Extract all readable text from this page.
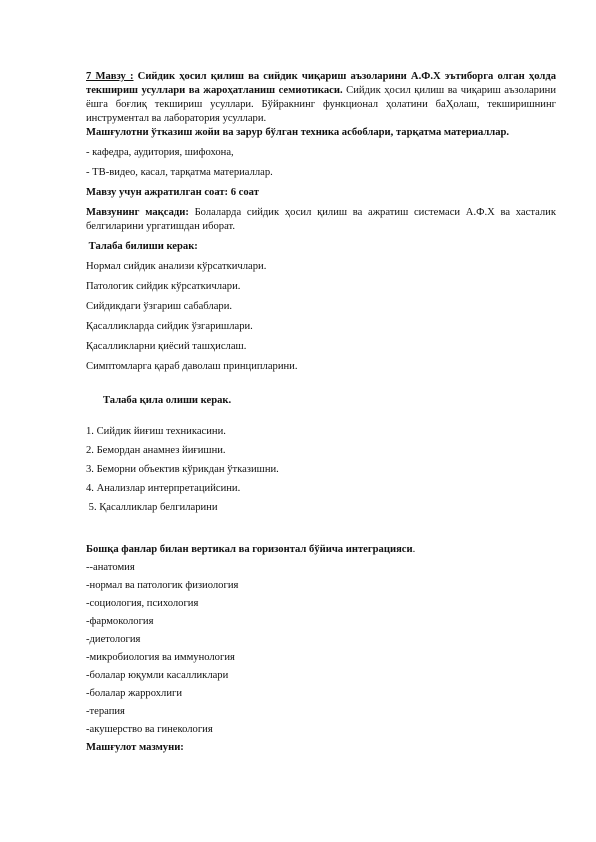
7 Мавзу : Сийдик ҳосил қилиш ва сийдик чиқариш аъзоларини А.Ф.Х эътиборга олган ҳолда текшириш усуллари ва жароҳатланиш семиотикаси. Сийдик ҳосил қилиш ва чиқариш аъзоларини ёшга боғлиқ текшириш усуллари. Бўйракнинг функционал ҳолатини баҲолаш, текширишнинг инструментал ва лаборатория усуллари.

Машғулотни ўтказиш жойи ва зарур бўлган техника асбоблари, тарқатма материаллар.

- кафедра, аудитория, шифохона,
- ТВ-видео, касал, тарқатма материаллар.
Мавзу учун ажратилган соат: 6 соат

Мавзунинг мақсади: Болаларда сийдик ҳосил қилиш ва ажратиш системаси А.Ф.Х ва хасталик белгиларини ургатишдан иборат.

Талаба билиши керак:
Нормал сийдик анализи кўрсаткичлари.
Патологик сийдик кўрсаткичлари.
Сийдикдаги ўзгариш сабаблари.
Қасалликларда сийдик ўзгаришлари.
Қасалликларни қиёсий ташҳислаш.
Симптомларга қараб даволаш принципларини.
Талаба қила олиши керак.
1. Сийдик йиғиш техникасини.
2. Бемордан анамнез йиғишни.
3. Беморни объектив кўрикдан ўтказишни.
4. Анализлар интерпретацийсини.
5. Қасалликлар белгиларини
Бошқа фанлар билан вертикал ва горизонтал бўйича интеграцияси.
--анатомия
-нормал ва патологик физиология
-социология, психология
-фармокология
-диетология
-микробиология ва иммунология
-болалар юқумли касалликлари
-болалар жаррохлиги
-терапия
-акушерство ва гинекология
Машғулот мазмуни:
